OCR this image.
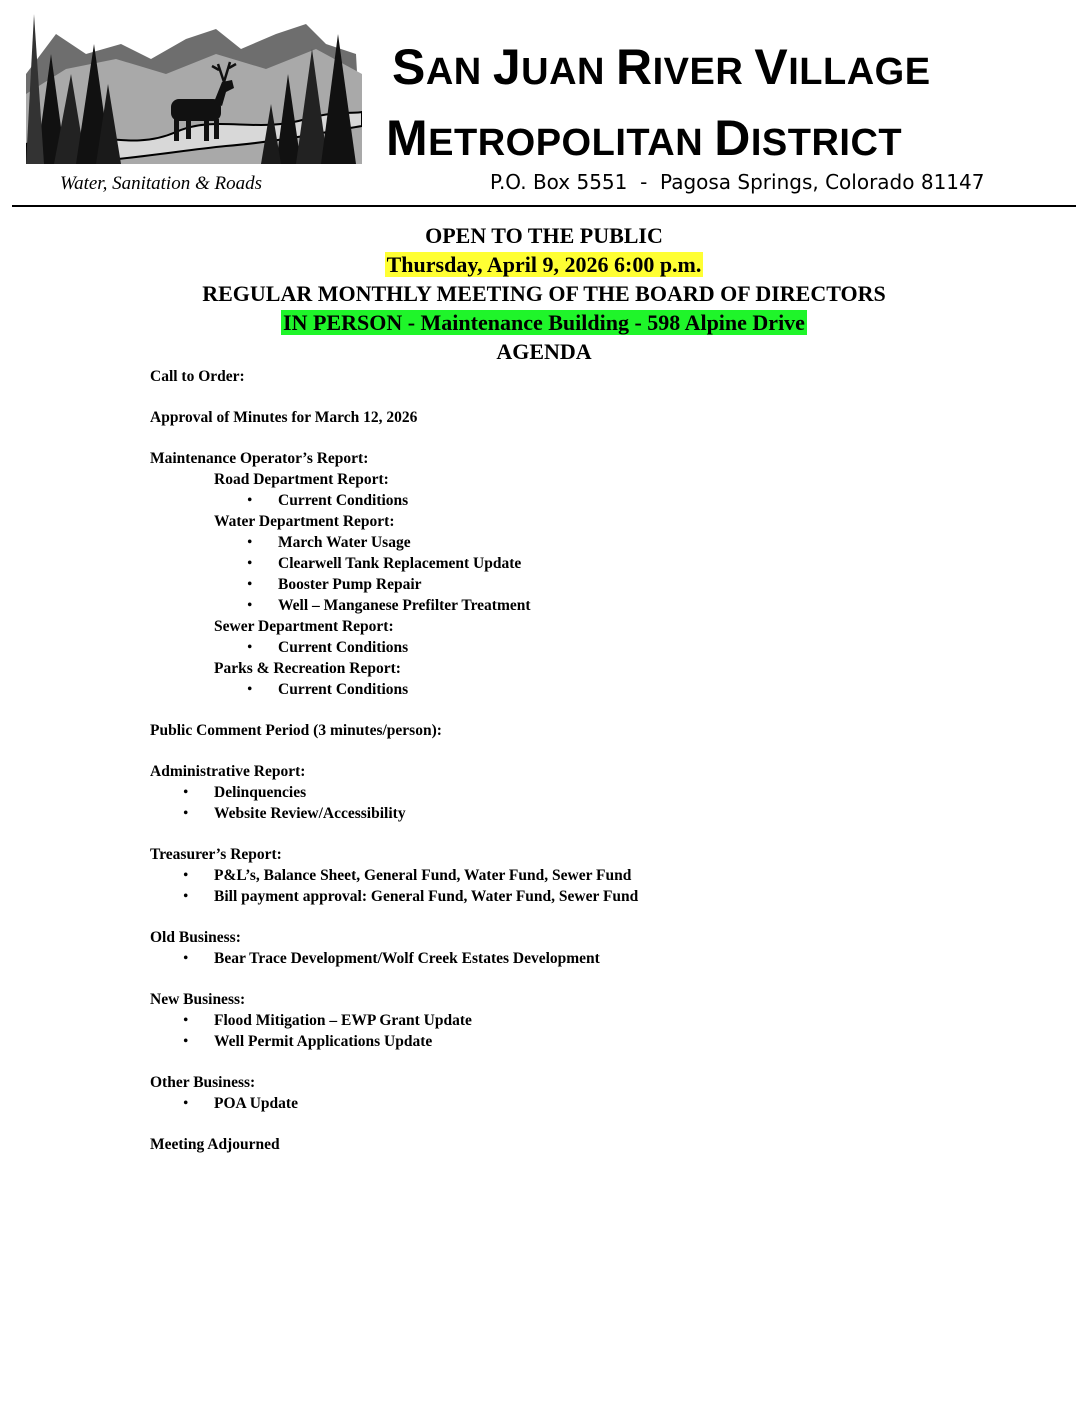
SAN JUAN RIVER VILLAGE
METROPOLITAN DISTRICT
Water, Sanitation & Roads	P.O. Box 5551  -  Pagosa Springs, Colorado 81147
OPEN TO THE PUBLIC
Thursday, April 9, 2026 6:00 p.m.
REGULAR MONTHLY MEETING OF THE BOARD OF DIRECTORS
IN PERSON - Maintenance Building - 598 Alpine Drive
AGENDA

Call to Order:

Approval of Minutes for March 12, 2026

Maintenance Operator’s Report:

Road Department Report:

• Current Conditions

Water Department Report:

• March Water Usage

• Clearwell Tank Replacement Update

• Booster Pump Repair

• Well – Manganese Prefilter Treatment

Sewer Department Report:

• Current Conditions

Parks & Recreation Report:

• Current Conditions

Public Comment Period (3 minutes/person):

Administrative Report:

• Delinquencies

• Website Review/Accessibility

Treasurer’s Report:

• P&L’s, Balance Sheet, General Fund, Water Fund, Sewer Fund

• Bill payment approval: General Fund, Water Fund, Sewer Fund

Old Business:

• Bear Trace Development/Wolf Creek Estates Development

New Business:

• Flood Mitigation – EWP Grant Update

• Well Permit Applications Update

Other Business:

• POA Update

Meeting Adjourned
